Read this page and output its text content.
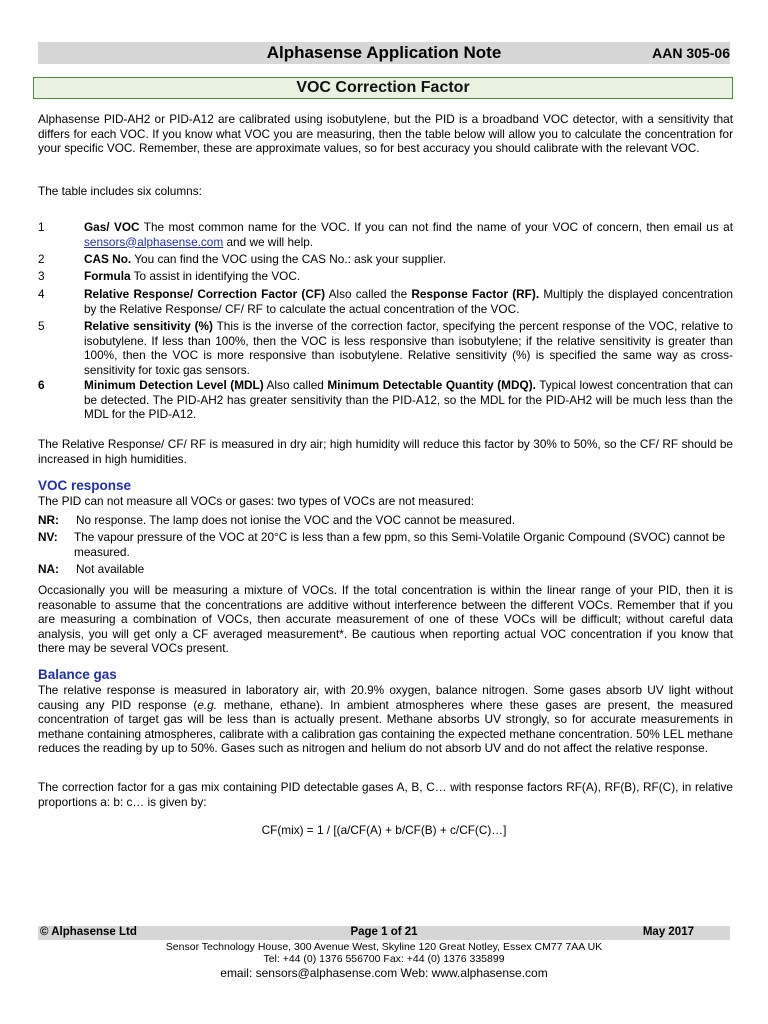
Alphasense Application Note	AAN 305-06
VOC Correction Factor

Alphasense PID-AH2 or PID-A12 are calibrated using isobutylene, but the PID is a broadband VOC detector, with a sensitivity that differs for each VOC. If you know what VOC you are measuring, then the table below will allow you to calculate the concentration for your specific VOC. Remember, these are approximate values, so for best accuracy you should calibrate with the relevant VOC.

The table includes six columns:

1	Gas/ VOC The most common name for the VOC. If you can not find the name of your VOC of concern, then email us at sensors@alphasense.com and we will help.

2	CAS No. You can find the VOC using the CAS No.: ask your supplier.

3	Formula To assist in identifying the VOC.

4	Relative Response/ Correction Factor (CF) Also called the Response Factor (RF). Multiply the displayed concentration by the Relative Response/ CF/ RF to calculate the actual concentration of the VOC.

5	Relative sensitivity (%) This is the inverse of the correction factor, specifying the percent response of the VOC, relative to isobutylene. If less than 100%, then the VOC is less responsive than isobutylene; if the relative sensitivity is greater than 100%, then the VOC is more responsive than isobutylene. Relative sensitivity (%) is specified the same way as cross-sensitivity for toxic gas sensors.

6	Minimum Detection Level (MDL) Also called Minimum Detectable Quantity (MDQ). Typical lowest concentration that can be detected. The PID-AH2 has greater sensitivity than the PID-A12, so the MDL for the PID-AH2 will be much less than the MDL for the PID-A12.

The Relative Response/ CF/ RF is measured in dry air; high humidity will reduce this factor by 30% to 50%, so the CF/ RF should be increased in high humidities.

VOC response

The PID can not measure all VOCs or gases: two types of VOCs are not measured:

NR: No response. The lamp does not ionise the VOC and the VOC cannot be measured.

NV: The vapour pressure of the VOC at 20°C is less than a few ppm, so this Semi-Volatile Organic Compound (SVOC) cannot be measured.

NA: Not available

Occasionally you will be measuring a mixture of VOCs. If the total concentration is within the linear range of your PID, then it is reasonable to assume that the concentrations are additive without interference between the different VOCs. Remember that if you are measuring a combination of VOCs, then accurate measurement of one of these VOCs will be difficult; without careful data analysis, you will get only a CF averaged measurement*. Be cautious when reporting actual VOC concentration if you know that there may be several VOCs present.

Balance gas

The relative response is measured in laboratory air, with 20.9% oxygen, balance nitrogen. Some gases absorb UV light without causing any PID response (e.g. methane, ethane). In ambient atmospheres where these gases are present, the measured concentration of target gas will be less than is actually present. Methane absorbs UV strongly, so for accurate measurements in methane containing atmospheres, calibrate with a calibration gas containing the expected methane concentration. 50% LEL methane reduces the reading by up to 50%. Gases such as nitrogen and helium do not absorb UV and do not affect the relative response.

The correction factor for a gas mix containing PID detectable gases A, B, C… with response factors RF(A), RF(B), RF(C), in relative proportions a: b: c… is given by:

CF(mix) = 1 / [(a/CF(A) + b/CF(B) + c/CF(C)…]
© Alphasense Ltd	Page 1 of 21	May 2017
Sensor Technology House, 300 Avenue West, Skyline 120 Great Notley, Essex CM77 7AA UK
Tel: +44 (0) 1376 556700 Fax: +44 (0) 1376 335899
email: sensors@alphasense.com Web: www.alphasense.com
